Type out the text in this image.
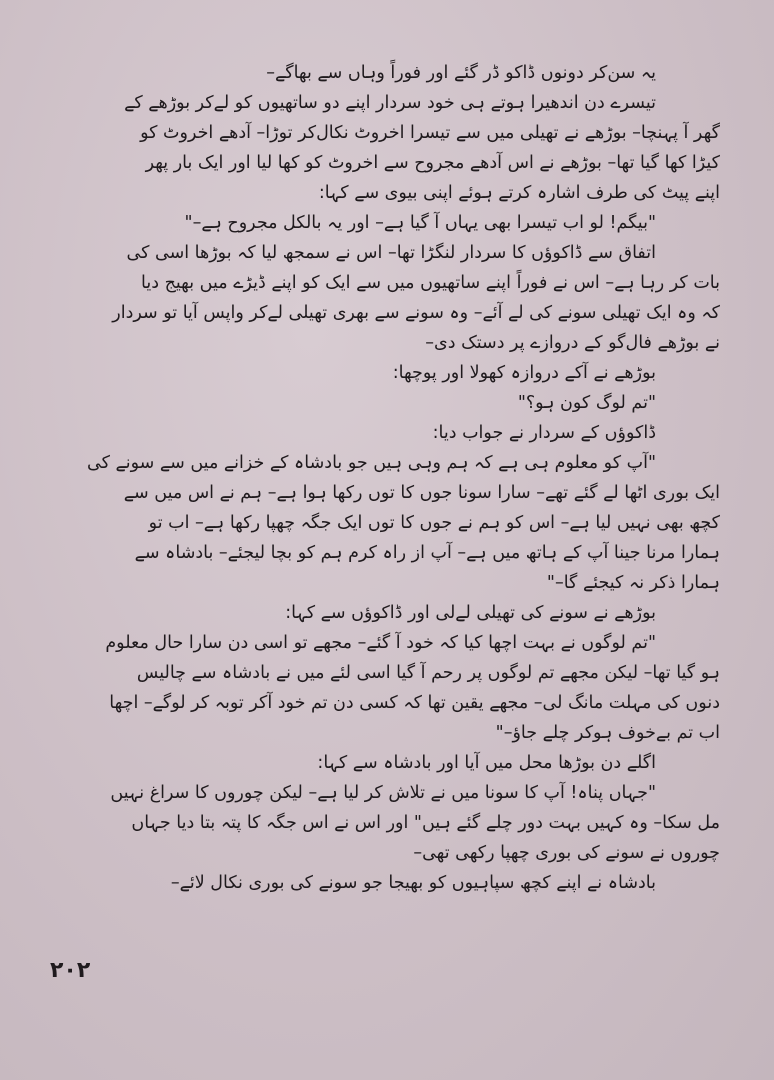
یہ سن‌کر دونوں ڈاکو ڈر گئے اور فوراً وہاں سے بھاگے–
تیسرے دن اندھیرا ہوتے ہی خود سردار اپنے دو ساتھیوں کو لےکر بوڑھے کے
گھر آ پہنچا– بوڑھے نے تھیلی میں سے تیسرا اخروٹ نکال‌کر توڑا– آدھے اخروٹ کو
کیڑا کھا گیا تھا– بوڑھے نے اس آدھے مجروح سے اخروٹ کو کھا لیا اور ایک بار پھر
اپنے پیٹ کی طرف اشارہ کرتے ہوئے اپنی بیوی سے کہا:
"بیگم! لو اب تیسرا بھی یہاں آ گیا ہے– اور یہ بالکل مجروح ہے–"
اتفاق سے ڈاکوؤں کا سردار لنگڑا تھا– اس نے سمجھ لیا کہ بوڑھا اسی کی
بات کر رہا ہے– اس نے فوراً اپنے ساتھیوں میں سے ایک کو اپنے ڈیڑے میں بھیج دیا
کہ وہ ایک تھیلی سونے کی لے آئے– وہ سونے سے بھری تھیلی لےکر واپس آیا تو سردار
نے بوڑھے فال‌گو کے دروازے پر دستک دی–
بوڑھے نے آکے دروازہ کھولا اور پوچھا:
"تم لوگ کون ہو؟"
ڈاکوؤں کے سردار نے جواب دیا:
"آپ کو معلوم ہی ہے کہ ہم وہی ہیں جو بادشاہ کے خزانے میں سے سونے کی
ایک بوری اٹھا لے گئے تھے– سارا سونا جوں کا توں رکھا ہوا ہے– ہم نے اس میں سے
کچھ بھی نہیں لیا ہے– اس کو ہم نے جوں کا توں ایک جگہ چھپا رکھا ہے– اب تو
ہمارا مرنا جینا آپ کے ہاتھ میں ہے– آپ از راہ کرم ہم کو بچا لیجئے– بادشاہ سے
ہمارا ذکر نہ کیجئے گا–"
بوڑھے نے سونے کی تھیلی لےلی اور ڈاکوؤں سے کہا:
"تم لوگوں نے بہت اچھا کیا کہ خود آ گئے– مجھے تو اسی دن سارا حال معلوم
ہو گیا تھا– لیکن مجھے تم لوگوں پر رحم آ گیا اسی لئے میں نے بادشاہ سے چالیس
دنوں کی مہلت مانگ لی– مجھے یقین تھا کہ کسی دن تم خود آکر توبہ کر لوگے– اچھا
اب تم بےخوف ہوکر چلے جاؤ–"
اگلے دن بوڑھا محل میں آیا اور بادشاہ سے کہا:
"جہاں پناہ! آپ کا سونا میں نے تلاش کر لیا ہے– لیکن چوروں کا سراغ نہیں
مل سکا– وہ کہیں بہت دور چلے گئے ہیں" اور اس نے اس جگہ کا پتہ بتا دیا جہاں
چوروں نے سونے کی بوری چھپا رکھی تھی–
بادشاہ نے اپنے کچھ سپاہیوں کو بھیجا جو سونے کی بوری نکال لائے–
۲۰۲
